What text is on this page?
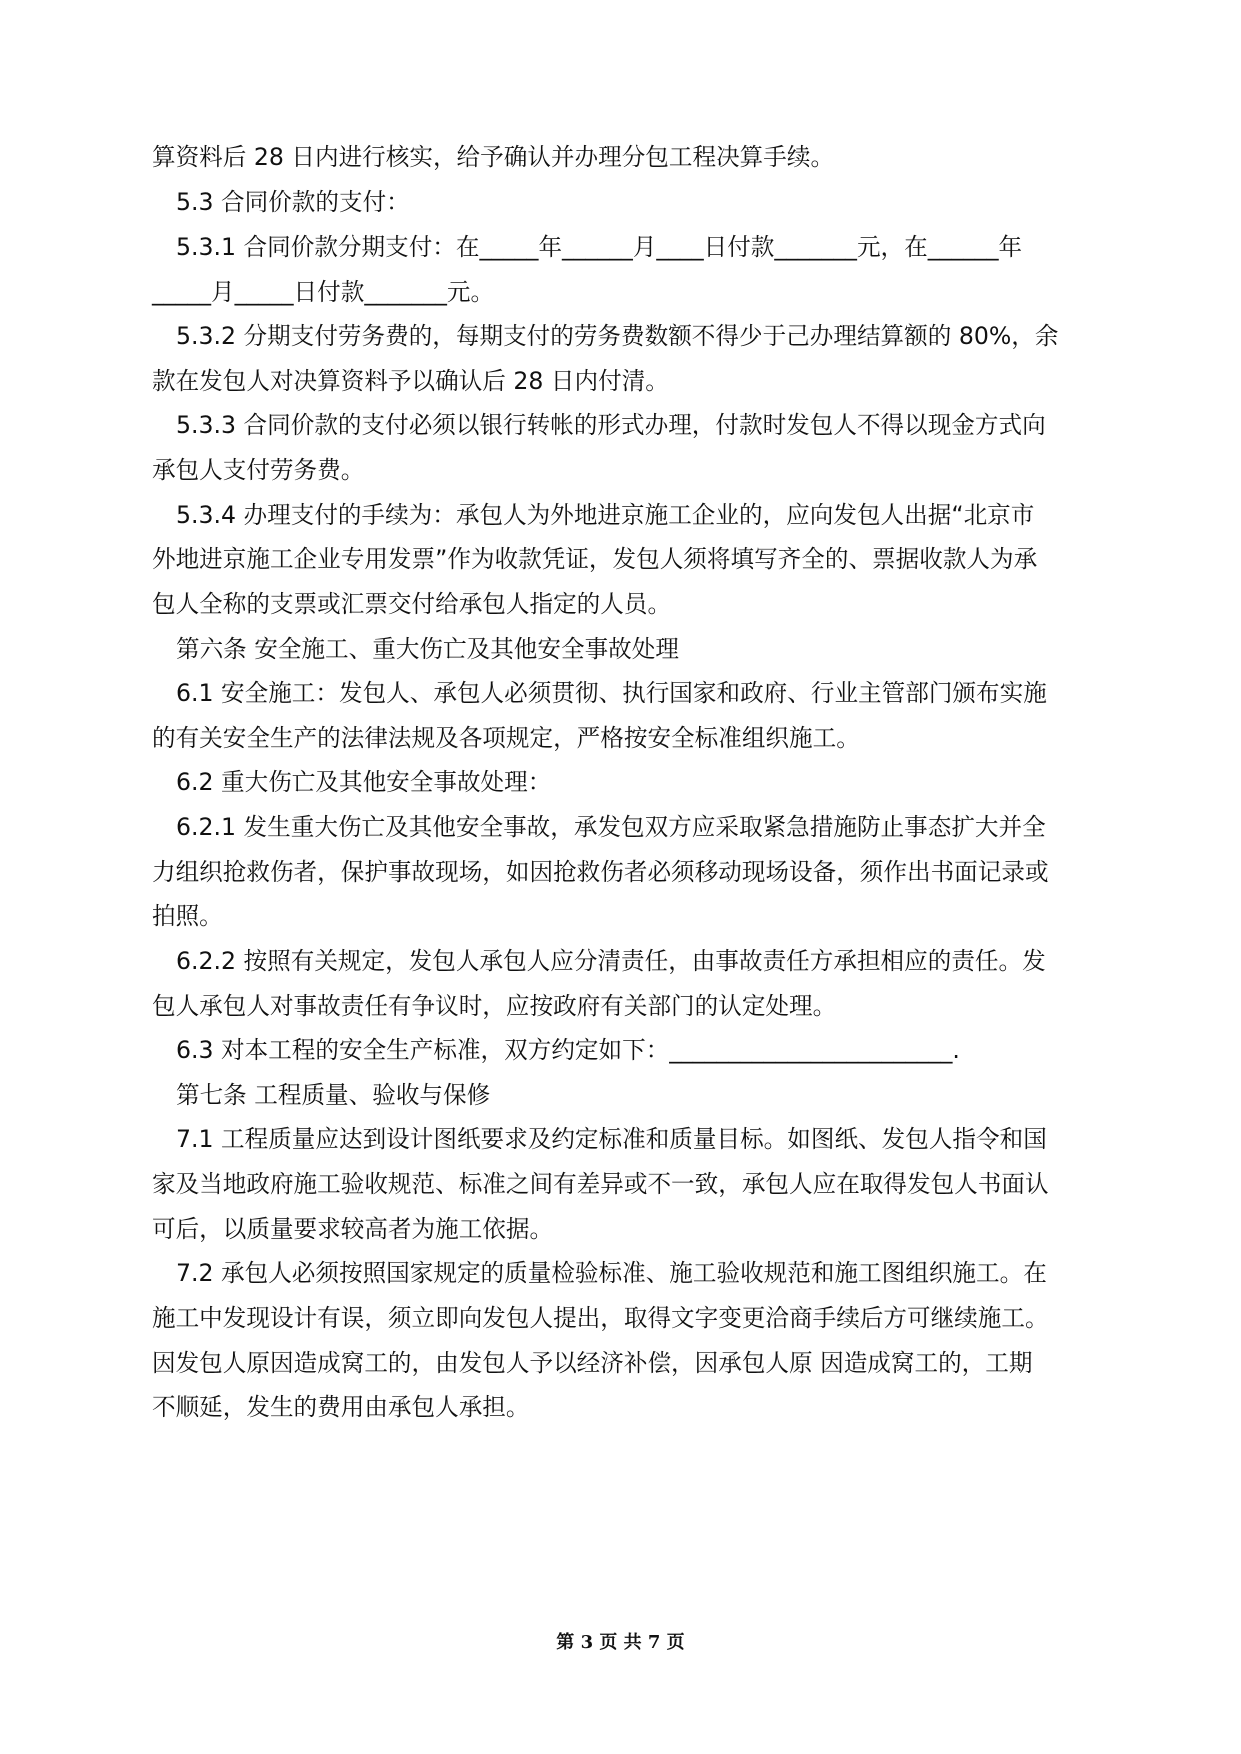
算资料后 28 日内进行核实，给予确认并办理分包工程决算手续。
5.3 合同价款的支付：
5.3.1 合同价款分期支付：在_____年______月____日付款_______元，在______年
_____月_____日付款_______元。
5.3.2 分期支付劳务费的，每期支付的劳务费数额不得少于己办理结算额的 80%，余
款在发包人对决算资料予以确认后 28 日内付清。
5.3.3 合同价款的支付必须以银行转帐的形式办理，付款时发包人不得以现金方式向
承包人支付劳务费。
5.3.4 办理支付的手续为：承包人为外地进京施工企业的，应向发包人出据“北京市
外地进京施工企业专用发票”作为收款凭证，发包人须将填写齐全的、票据收款人为承
包人全称的支票或汇票交付给承包人指定的人员。
第六条 安全施工、重大伤亡及其他安全事故处理
6.1 安全施工：发包人、承包人必须贯彻、执行国家和政府、行业主管部门颁布实施
的有关安全生产的法律法规及各项规定，严格按安全标准组织施工。
6.2 重大伤亡及其他安全事故处理：
6.2.1 发生重大伤亡及其他安全事故，承发包双方应采取紧急措施防止事态扩大并全
力组织抢救伤者，保护事故现场，如因抢救伤者必须移动现场设备，须作出书面记录或
拍照。
6.2.2 按照有关规定，发包人承包人应分清责任，由事故责任方承担相应的责任。发
包人承包人对事故责任有争议时，应按政府有关部门的认定处理。
6.3 对本工程的安全生产标准，双方约定如下：________________________.
第七条 工程质量、验收与保修
7.1 工程质量应达到设计图纸要求及约定标准和质量目标。如图纸、发包人指令和国
家及当地政府施工验收规范、标准之间有差异或不一致，承包人应在取得发包人书面认
可后，以质量要求较高者为施工依据。
7.2 承包人必须按照国家规定的质量检验标准、施工验收规范和施工图组织施工。在
施工中发现设计有误，须立即向发包人提出，取得文字变更洽商手续后方可继续施工。
因发包人原因造成窝工的，由发包人予以经济补偿，因承包人原 因造成窝工的，工期
不顺延，发生的费用由承包人承担。
第 3 页 共 7 页
